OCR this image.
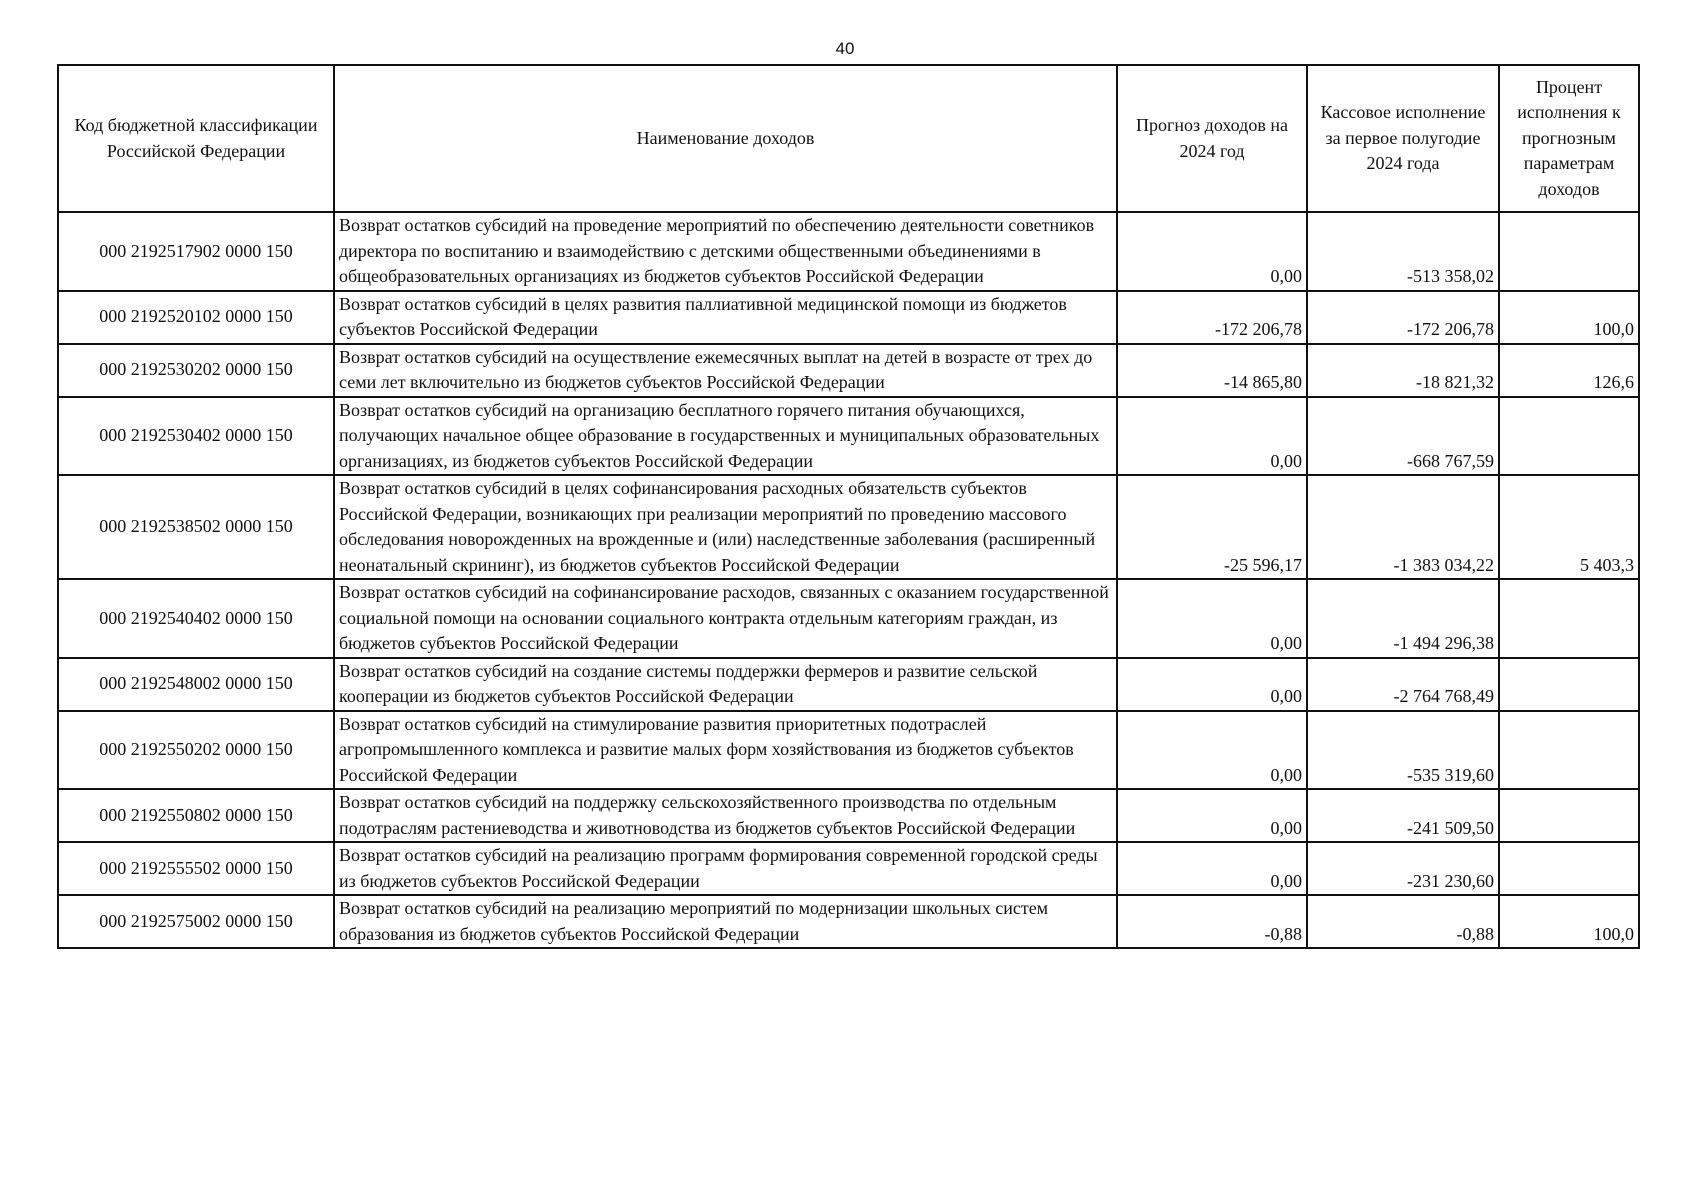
40
Код бюджетной классификации Российской Федерации	Наименование доходов	Прогноз доходов на 2024 год	Кассовое исполнение за первое полугодие 2024 года	Процент исполнения к прогнозным параметрам доходов
000 2192517902 0000 150	Возврат остатков субсидий на проведение мероприятий по обеспечению деятельности советников директора по воспитанию и взаимодействию с детскими общественными объединениями в общеобразовательных организациях из бюджетов субъектов Российской Федерации	0,00	-513 358,02	
000 2192520102 0000 150	Возврат остатков субсидий в целях развития паллиативной медицинской помощи из бюджетов субъектов Российской Федерации	-172 206,78	-172 206,78	100,0
000 2192530202 0000 150	Возврат остатков субсидий на осуществление ежемесячных выплат на детей в возрасте от трех до семи лет включительно из бюджетов субъектов Российской Федерации	-14 865,80	-18 821,32	126,6
000 2192530402 0000 150	Возврат остатков субсидий на организацию бесплатного горячего питания обучающихся, получающих начальное общее образование в государственных и муниципальных образовательных организациях, из бюджетов субъектов Российской Федерации	0,00	-668 767,59	
000 2192538502 0000 150	Возврат остатков субсидий в целях софинансирования расходных обязательств субъектов Российской Федерации, возникающих при реализации мероприятий по проведению массового обследования новорожденных на врожденные и (или) наследственные заболевания (расширенный неонатальный скрининг), из бюджетов субъектов Российской Федерации	-25 596,17	-1 383 034,22	5 403,3
000 2192540402 0000 150	Возврат остатков субсидий на софинансирование расходов, связанных с оказанием государственной социальной помощи на основании социального контракта отдельным категориям граждан, из бюджетов субъектов Российской Федерации	0,00	-1 494 296,38	
000 2192548002 0000 150	Возврат остатков субсидий на создание системы поддержки фермеров и развитие сельской кооперации из бюджетов субъектов Российской Федерации	0,00	-2 764 768,49	
000 2192550202 0000 150	Возврат остатков субсидий на стимулирование развития приоритетных подотраслей агропромышленного комплекса и развитие малых форм хозяйствования из бюджетов субъектов Российской Федерации	0,00	-535 319,60	
000 2192550802 0000 150	Возврат остатков субсидий на поддержку сельскохозяйственного производства по отдельным подотраслям растениеводства и животноводства из бюджетов субъектов Российской Федерации	0,00	-241 509,50	
000 2192555502 0000 150	Возврат остатков субсидий на реализацию программ формирования современной городской среды из бюджетов субъектов Российской Федерации	0,00	-231 230,60	
000 2192575002 0000 150	Возврат остатков субсидий на реализацию мероприятий по модернизации школьных систем образования из бюджетов субъектов Российской Федерации	-0,88	-0,88	100,0
